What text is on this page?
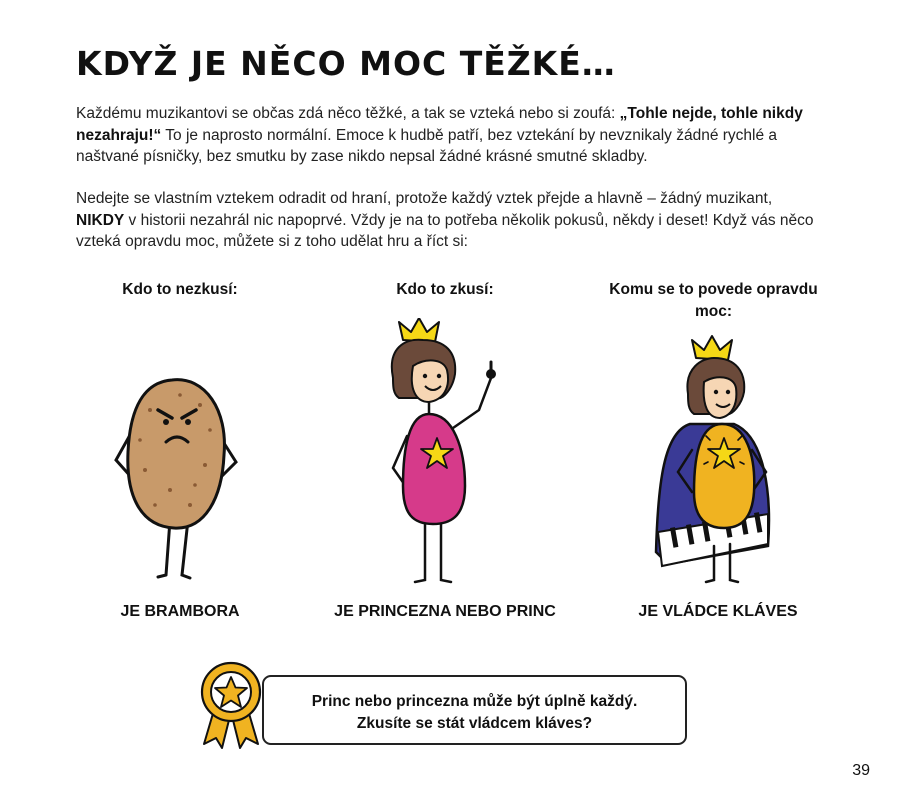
KDYŽ JE NĚCO MOC TĚŽKÉ…

Každému muzikantovi se občas zdá něco těžké, a tak se vzteká nebo si zoufá: „Tohle nejde, tohle nikdy nezahraju!“ To je naprosto normální. Emoce k hudbě patří, bez vztekání by nevznikaly žádné rychlé a naštvané písničky, bez smutku by zase nikdo nepsal žádné krásné smutné skladby.

Nedejte se vlastním vztekem odradit od hraní, protože každý vztek přejde a hlavně – žádný muzikant, NIKDY v historii nezahrál nic napoprvé. Vždy je na to potřeba několik pokusů, někdy i deset! Když vás něco vzteká opravdu moc, můžete si z toho udělat hru a říct si:

Kdo to nezkusí:	Kdo to zkusí:	Komu se to povede opravdu moc:
JE BRAMBORA	JE PRINCEZNA NEBO PRINC	JE VLÁDCE KLÁVES
Princ nebo princezna může být úplně každý.
Zkusíte se stát vládcem kláves?
39
